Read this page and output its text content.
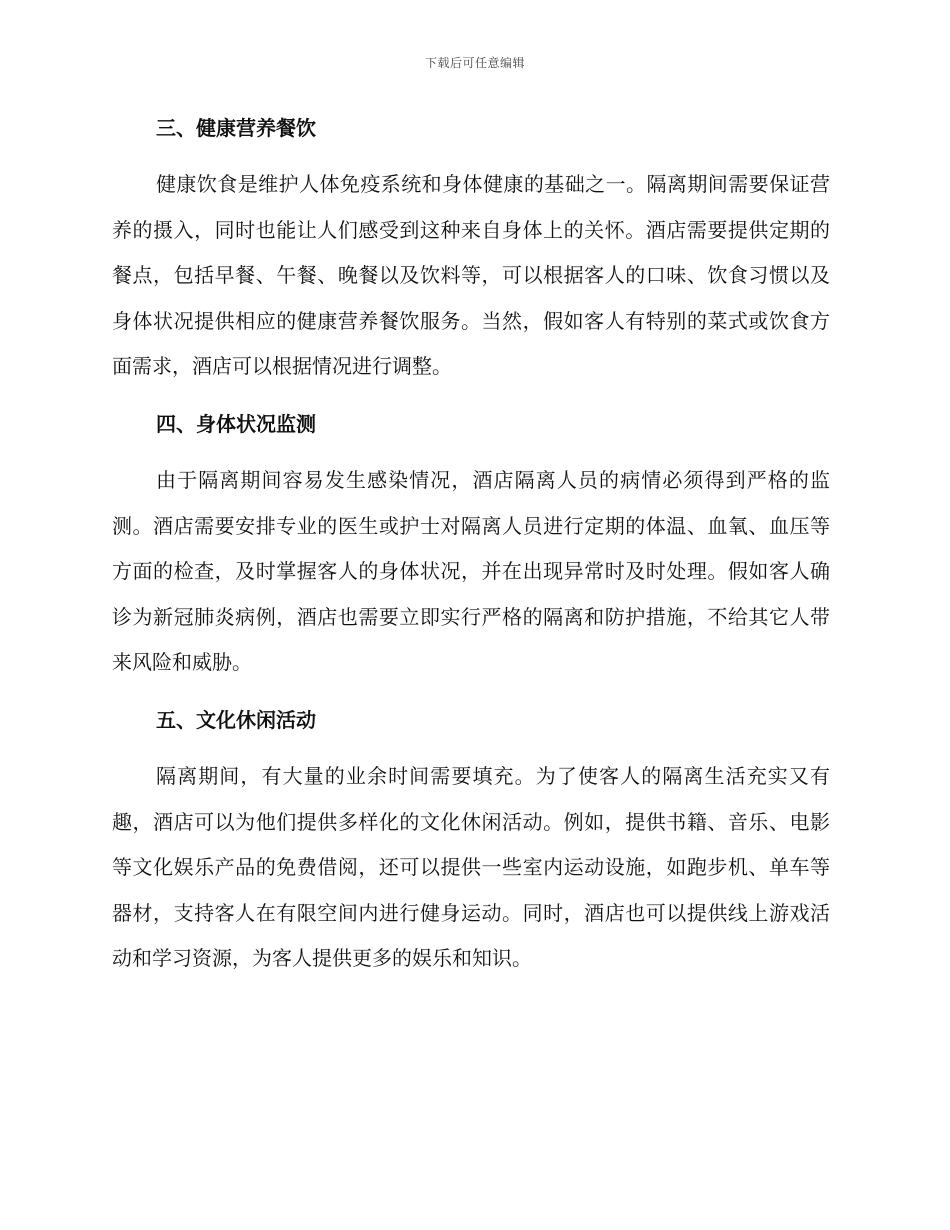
下载后可任意编辑
三、健康营养餐饮

健康饮食是维护人体免疫系统和身体健康的基础之一。隔离期间需要保证营养的摄入，同时也能让人们感受到这种来自身体上的关怀。酒店需要提供定期的餐点，包括早餐、午餐、晚餐以及饮料等，可以根据客人的口味、饮食习惯以及身体状况提供相应的健康营养餐饮服务。当然，假如客人有特别的菜式或饮食方面需求，酒店可以根据情况进行调整。

四、身体状况监测

由于隔离期间容易发生感染情况，酒店隔离人员的病情必须得到严格的监测。酒店需要安排专业的医生或护士对隔离人员进行定期的体温、血氧、血压等方面的检查，及时掌握客人的身体状况，并在出现异常时及时处理。假如客人确诊为新冠肺炎病例，酒店也需要立即实行严格的隔离和防护措施，不给其它人带来风险和威胁。

五、文化休闲活动

隔离期间，有大量的业余时间需要填充。为了使客人的隔离生活充实又有趣，酒店可以为他们提供多样化的文化休闲活动。例如，提供书籍、音乐、电影等文化娱乐产品的免费借阅，还可以提供一些室内运动设施，如跑步机、单车等器材，支持客人在有限空间内进行健身运动。同时，酒店也可以提供线上游戏活动和学习资源，为客人提供更多的娱乐和知识。
